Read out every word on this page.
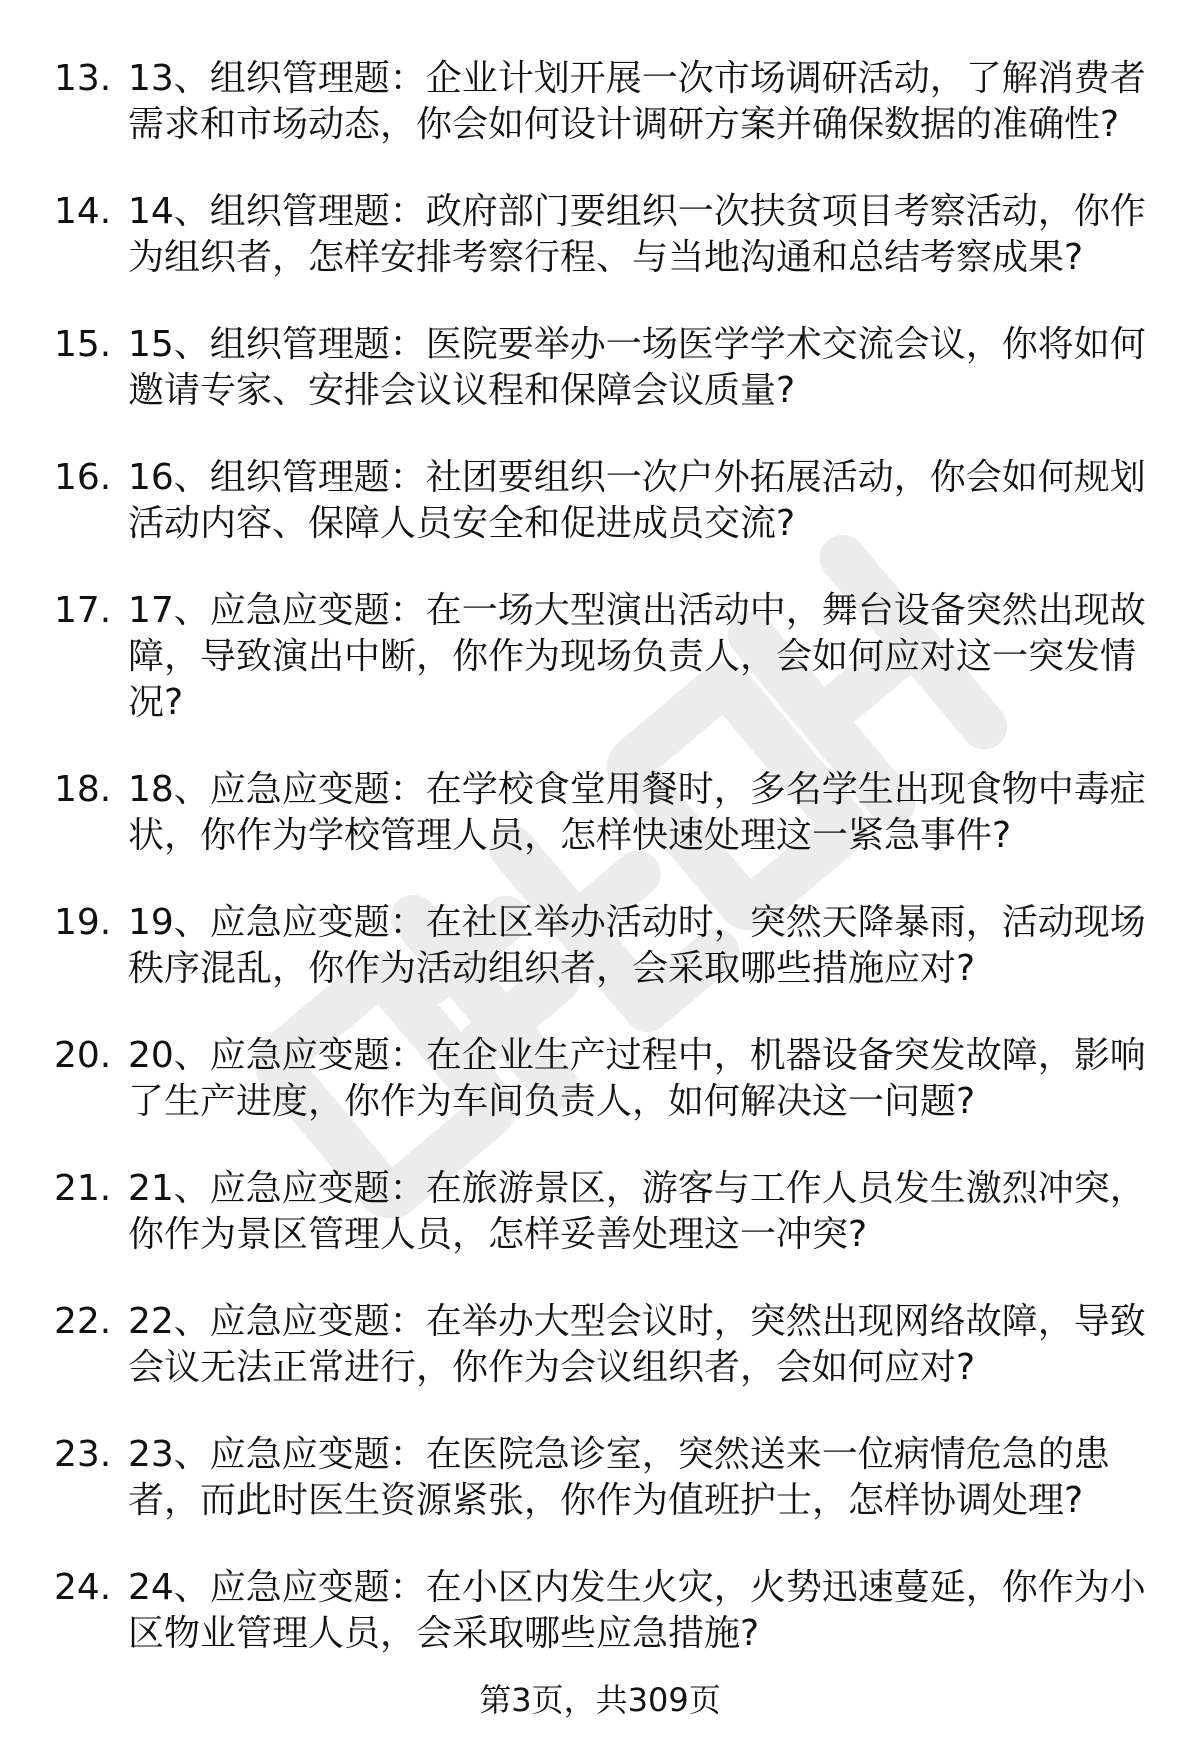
13. 13、组织管理题：企业计划开展一次市场调研活动，了解消费者需求和市场动态，你会如何设计调研方案并确保数据的准确性?
14. 14、组织管理题：政府部门要组织一次扶贫项目考察活动，你作为组织者，怎样安排考察行程、与当地沟通和总结考察成果?
15. 15、组织管理题：医院要举办一场医学学术交流会议，你将如何邀请专家、安排会议议程和保障会议质量?
16. 16、组织管理题：社团要组织一次户外拓展活动，你会如何规划活动内容、保障人员安全和促进成员交流?
17. 17、应急应变题：在一场大型演出活动中，舞台设备突然出现故障，导致演出中断，你作为现场负责人，会如何应对这一突发情况?
18. 18、应急应变题：在学校食堂用餐时，多名学生出现食物中毒症状，你作为学校管理人员，怎样快速处理这一紧急事件?
19. 19、应急应变题：在社区举办活动时，突然天降暴雨，活动现场秩序混乱，你作为活动组织者，会采取哪些措施应对?
20. 20、应急应变题：在企业生产过程中，机器设备突发故障，影响了生产进度，你作为车间负责人，如何解决这一问题?
21. 21、应急应变题：在旅游景区，游客与工作人员发生激烈冲突，你作为景区管理人员，怎样妥善处理这一冲突?
22. 22、应急应变题：在举办大型会议时，突然出现网络故障，导致会议无法正常进行，你作为会议组织者，会如何应对?
23. 23、应急应变题：在医院急诊室，突然送来一位病情危急的患者，而此时医生资源紧张，你作为值班护士，怎样协调处理?
24. 24、应急应变题：在小区内发生火灾，火势迅速蔓延，你作为小区物业管理人员，会采取哪些应急措施?
第3页，共309页
